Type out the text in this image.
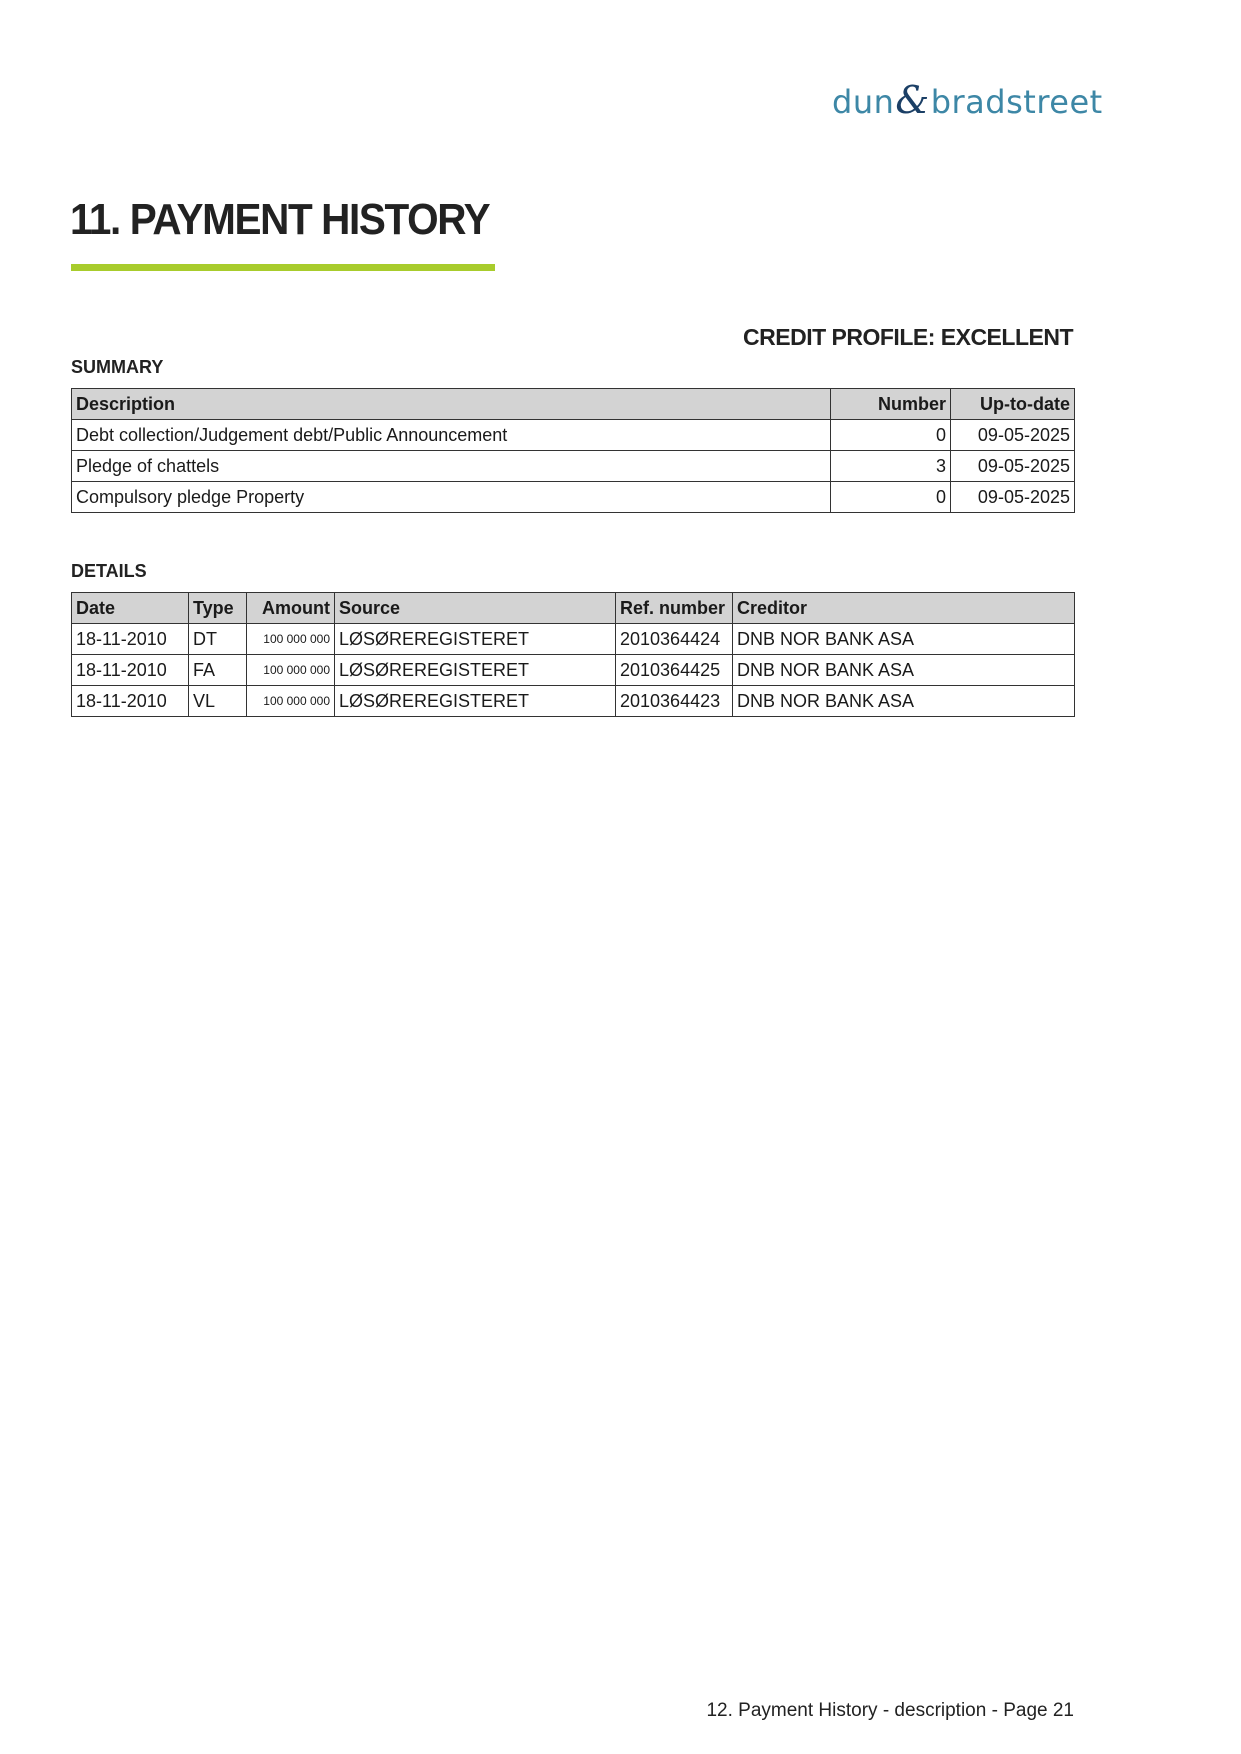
dun&bradstreet
11. PAYMENT HISTORY
CREDIT PROFILE: EXCELLENT
SUMMARY
Description	Number	Up-to-date
Debt collection/Judgement debt/Public Announcement	0	09-05-2025
Pledge of chattels	3	09-05-2025
Compulsory pledge Property	0	09-05-2025
DETAILS
Date	Type	Amount	Source	Ref. number	Creditor
18-11-2010	DT	100 000 000	LØSØREREGISTERET	2010364424	DNB NOR BANK ASA
18-11-2010	FA	100 000 000	LØSØREREGISTERET	2010364425	DNB NOR BANK ASA
18-11-2010	VL	100 000 000	LØSØREREGISTERET	2010364423	DNB NOR BANK ASA
12. Payment History - description - Page 21
